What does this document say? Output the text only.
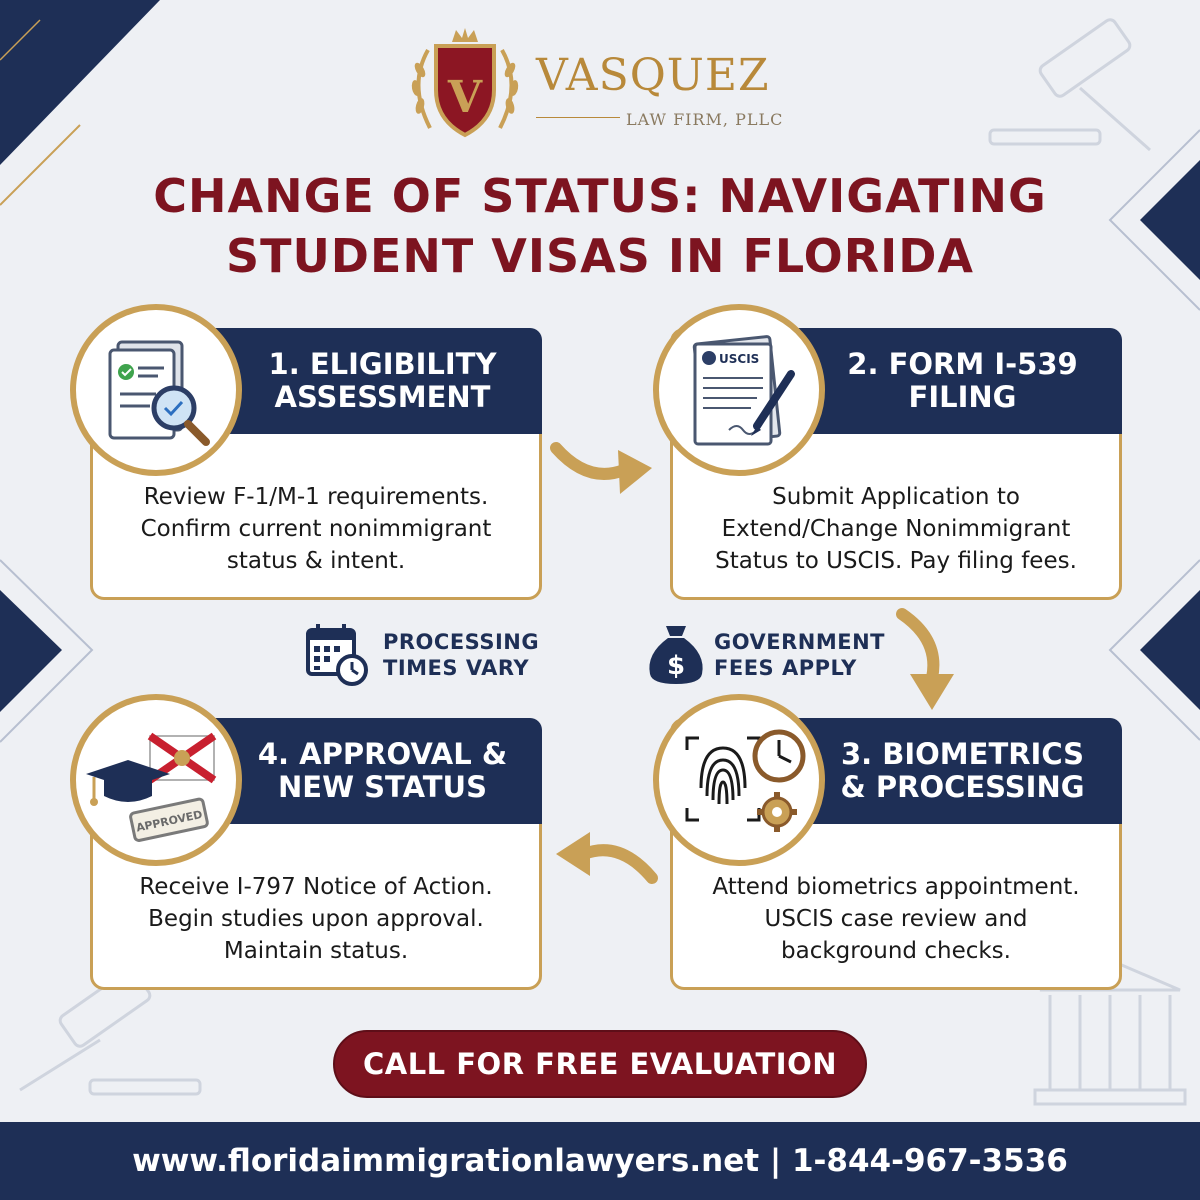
V VASQUEZ
LAW FIRM, PLLC
CHANGE OF STATUS: NAVIGATING
STUDENT VISAS IN FLORIDA
1. ELIGIBILITY
ASSESSMENT
Review F-1/M-1 requirements.
Confirm current nonimmigrant
status & intent.
2. FORM I-539
FILING
Submit Application to
Extend/Change Nonimmigrant
Status to USCIS. Pay filing fees.
USCIS
3. BIOMETRICS
& PROCESSING
Attend biometrics appointment.
USCIS case review and
background checks.
4. APPROVAL &
NEW STATUS
Receive I-797 Notice of Action.
Begin studies upon approval.
Maintain status.
APPROVED
PROCESSING
TIMES VARY	$
GOVERNMENT
FEES APPLY
CALL FOR FREE EVALUATION
www.floridaimmigrationlawyers.net | 1-844-967-3536
